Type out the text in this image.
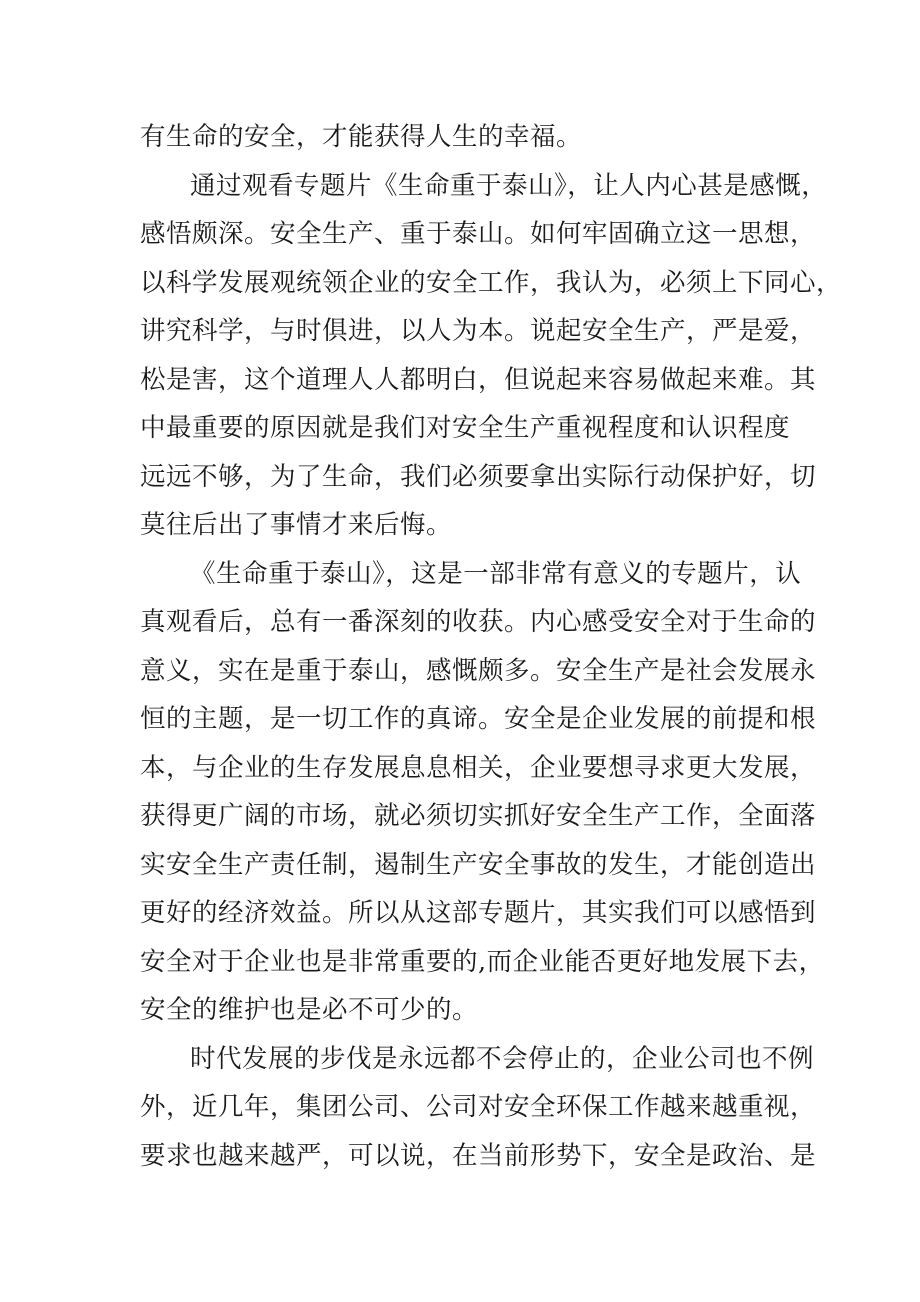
有生命的安全，才能获得人生的幸福。
通过观看专题片《生命重于泰山》，让人内心甚是感慨，
感悟颇深。安全生产、重于泰山。如何牢固确立这一思想，
以科学发展观统领企业的安全工作，我认为，必须上下同心，
讲究科学，与时俱进，以人为本。说起安全生产，严是爱，
松是害，这个道理人人都明白，但说起来容易做起来难。其
中最重要的原因就是我们对安全生产重视程度和认识程度
远远不够，为了生命，我们必须要拿出实际行动保护好，切
莫往后出了事情才来后悔。
《生命重于泰山》，这是一部非常有意义的专题片，认
真观看后，总有一番深刻的收获。内心感受安全对于生命的
意义，实在是重于泰山，感慨颇多。安全生产是社会发展永
恒的主题，是一切工作的真谛。安全是企业发展的前提和根
本，与企业的生存发展息息相关，企业要想寻求更大发展，
获得更广阔的市场，就必须切实抓好安全生产工作，全面落
实安全生产责任制，遏制生产安全事故的发生，才能创造出
更好的经济效益。所以从这部专题片，其实我们可以感悟到
安全对于企业也是非常重要的,而企业能否更好地发展下去，
安全的维护也是必不可少的。
时代发展的步伐是永远都不会停止的，企业公司也不例
外，近几年，集团公司、公司对安全环保工作越来越重视，
要求也越来越严，可以说，在当前形势下，安全是政治、是
